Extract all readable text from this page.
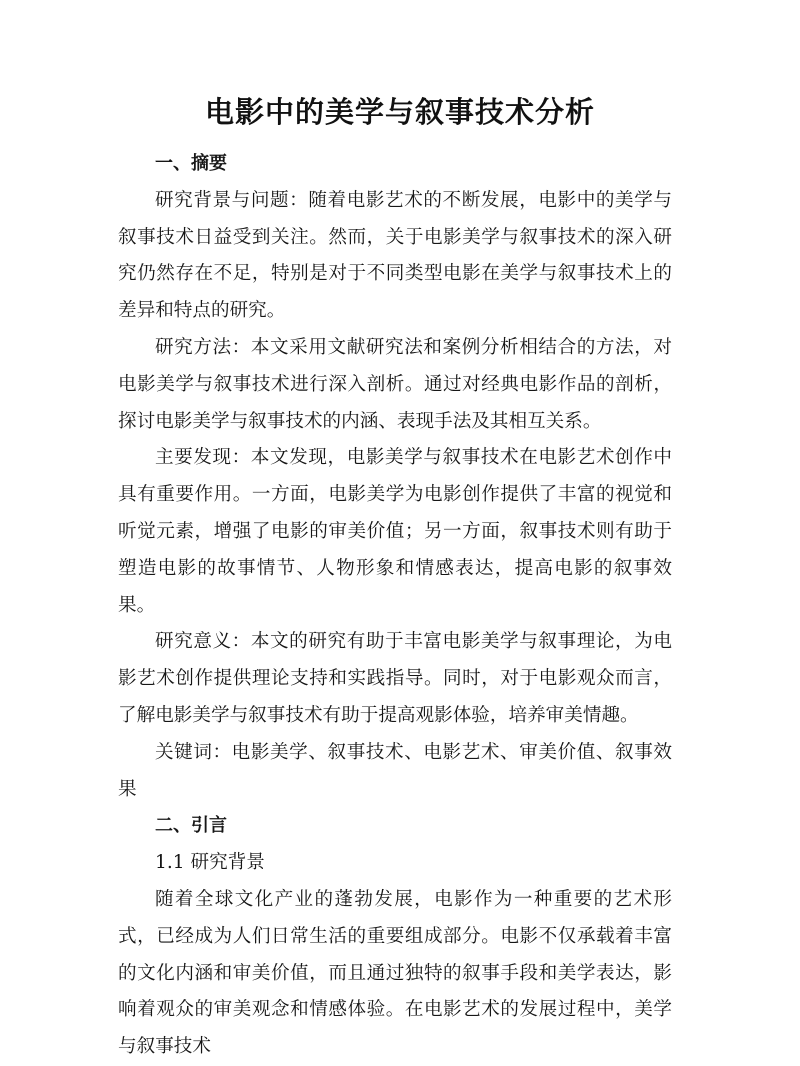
电影中的美学与叙事技术分析
一、摘要

研究背景与问题：随着电影艺术的不断发展，电影中的美学与叙事技术日益受到关注。然而，关于电影美学与叙事技术的深入研究仍然存在不足，特别是对于不同类型电影在美学与叙事技术上的差异和特点的研究。

研究方法：本文采用文献研究法和案例分析相结合的方法，对电影美学与叙事技术进行深入剖析。通过对经典电影作品的剖析，探讨电影美学与叙事技术的内涵、表现手法及其相互关系。

主要发现：本文发现，电影美学与叙事技术在电影艺术创作中具有重要作用。一方面，电影美学为电影创作提供了丰富的视觉和听觉元素，增强了电影的审美价值；另一方面，叙事技术则有助于塑造电影的故事情节、人物形象和情感表达，提高电影的叙事效果。

研究意义：本文的研究有助于丰富电影美学与叙事理论，为电影艺术创作提供理论支持和实践指导。同时，对于电影观众而言，了解电影美学与叙事技术有助于提高观影体验，培养审美情趣。

关键词：电影美学、叙事技术、电影艺术、审美价值、叙事效果

二、引言
1.1 研究背景

随着全球文化产业的蓬勃发展，电影作为一种重要的艺术形式，已经成为人们日常生活的重要组成部分。电影不仅承载着丰富的文化内涵和审美价值，而且通过独特的叙事手段和美学表达，影响着观众的审美观念和情感体验。在电影艺术的发展过程中，美学与叙事技术
